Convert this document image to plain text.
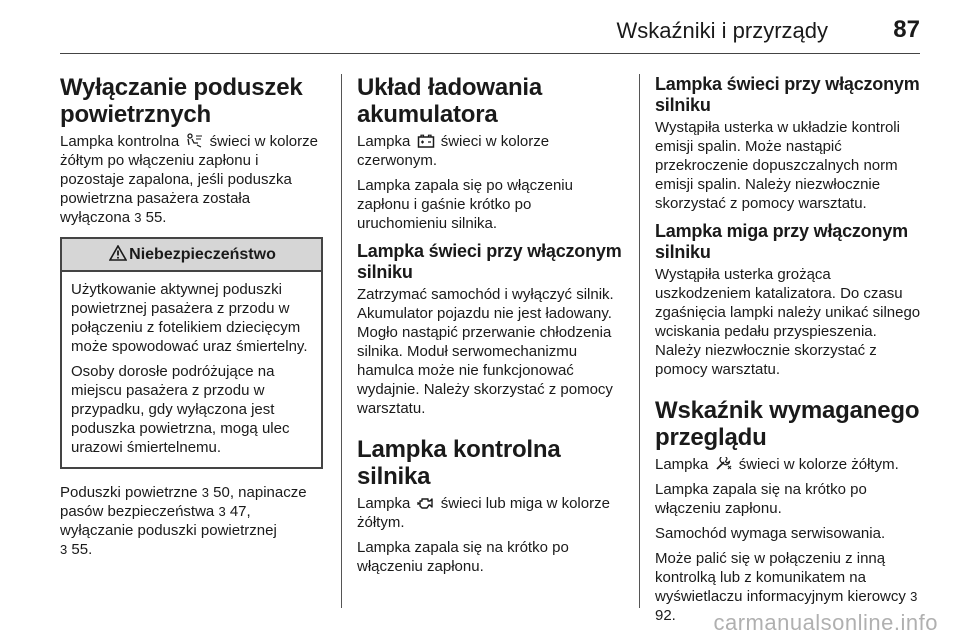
Wskaźniki i przyrządy	87
Wyłączanie poduszek powietrznych

Lampka kontrolna świeci w kolorze żółtym po włączeniu zapłonu i pozostaje zapalona, jeśli poduszka powietrzna pasażera została wyłączona 3 55.

Niebezpieczeństwo

Użytkowanie aktywnej poduszki powietrznej pasażera z przodu w połączeniu z fotelikiem dziecięcym może spowodować uraz śmiertelny.

Osoby dorosłe podróżujące na miejscu pasażera z przodu w przypadku, gdy wyłączona jest poduszka powietrzna, mogą ulec urazowi śmiertelnemu.

Poduszki powietrzne 3 50, napinacze pasów bezpieczeństwa 3 47, wyłączanie poduszki powietrznej
3 55.

Układ ładowania akumulatora

Lampka świeci w kolorze czerwonym.

Lampka zapala się po włączeniu zapłonu i gaśnie krótko po uruchomieniu silnika.

Lampka świeci przy włączonym silniku

Zatrzymać samochód i wyłączyć silnik. Akumulator pojazdu nie jest ładowany. Mogło nastąpić przerwanie chłodzenia silnika. Moduł serwomechanizmu hamulca może nie funkcjonować wydajnie. Należy skorzystać z pomocy warsztatu.

Lampka kontrolna silnika

Lampka świeci lub miga w kolorze żółtym.

Lampka zapala się na krótko po włączeniu zapłonu.

Lampka świeci przy włączonym silniku

Wystąpiła usterka w układzie kontroli emisji spalin. Może nastąpić przekroczenie dopuszczalnych norm emisji spalin. Należy niezwłocznie skorzystać z pomocy warsztatu.

Lampka miga przy włączonym silniku

Wystąpiła usterka grożąca uszkodzeniem katalizatora. Do czasu zgaśnięcia lampki należy unikać silnego wciskania pedału przyspieszenia. Należy niezwłocznie skorzystać z pomocy warsztatu.

Wskaźnik wymaganego przeglądu

Lampka świeci w kolorze żółtym.

Lampka zapala się na krótko po włączeniu zapłonu.

Samochód wymaga serwisowania.

Może palić się w połączeniu z inną kontrolką lub z komunikatem na wyświetlaczu informacyjnym kierowcy 3 92.	carmanualsonline.info
